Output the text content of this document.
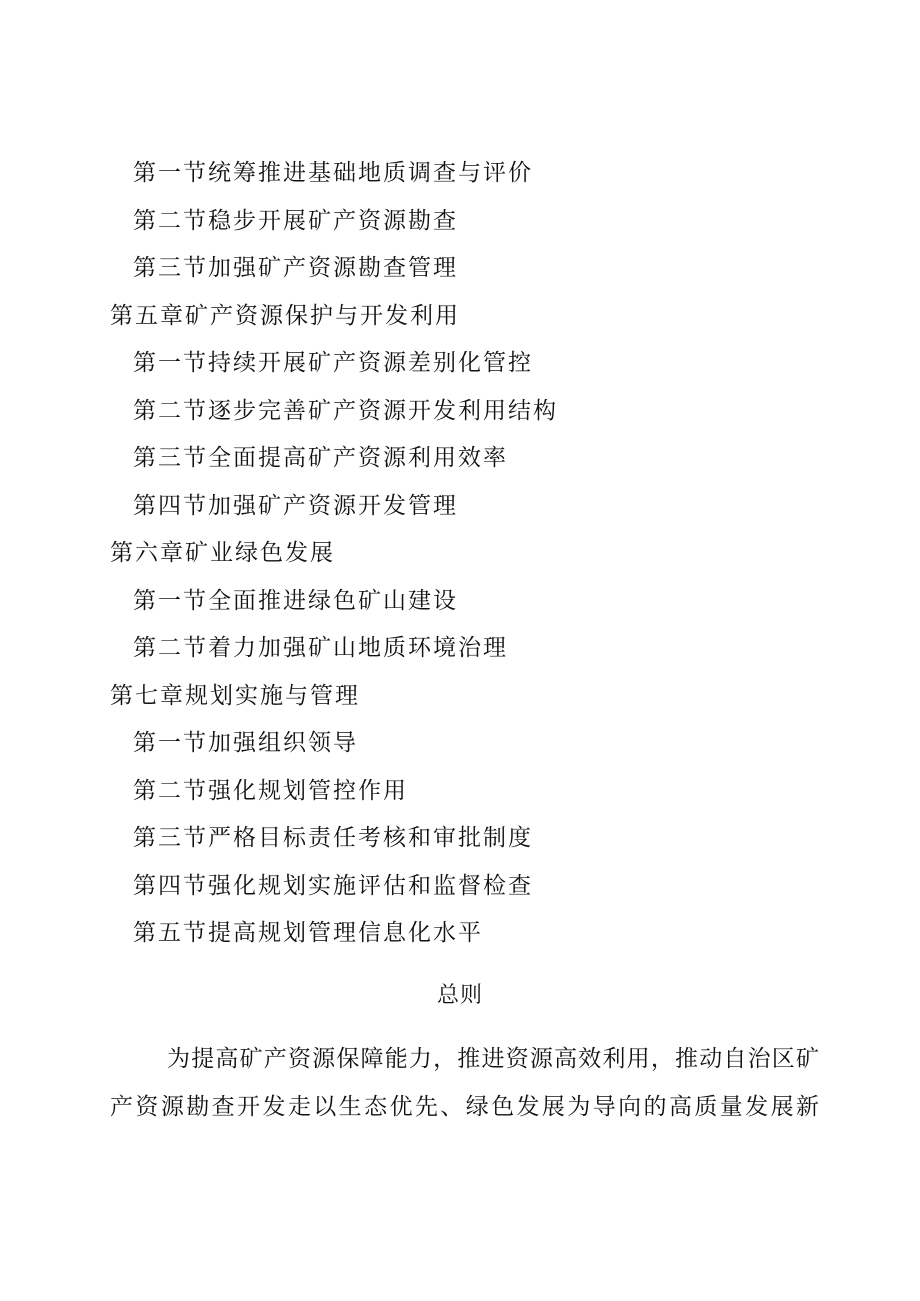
第一节统筹推进基础地质调查与评价
第二节稳步开展矿产资源勘查
第三节加强矿产资源勘查管理
第五章矿产资源保护与开发利用
第一节持续开展矿产资源差别化管控
第二节逐步完善矿产资源开发利用结构
第三节全面提高矿产资源利用效率
第四节加强矿产资源开发管理
第六章矿业绿色发展
第一节全面推进绿色矿山建设
第二节着力加强矿山地质环境治理
第七章规划实施与管理
第一节加强组织领导
第二节强化规划管控作用
第三节严格目标责任考核和审批制度
第四节强化规划实施评估和监督检查
第五节提高规划管理信息化水平
总则
为提高矿产资源保障能力，推进资源高效利用，推动自治区矿产资源勘查开发走以生态优先、绿色发展为导向的高质量发展新
